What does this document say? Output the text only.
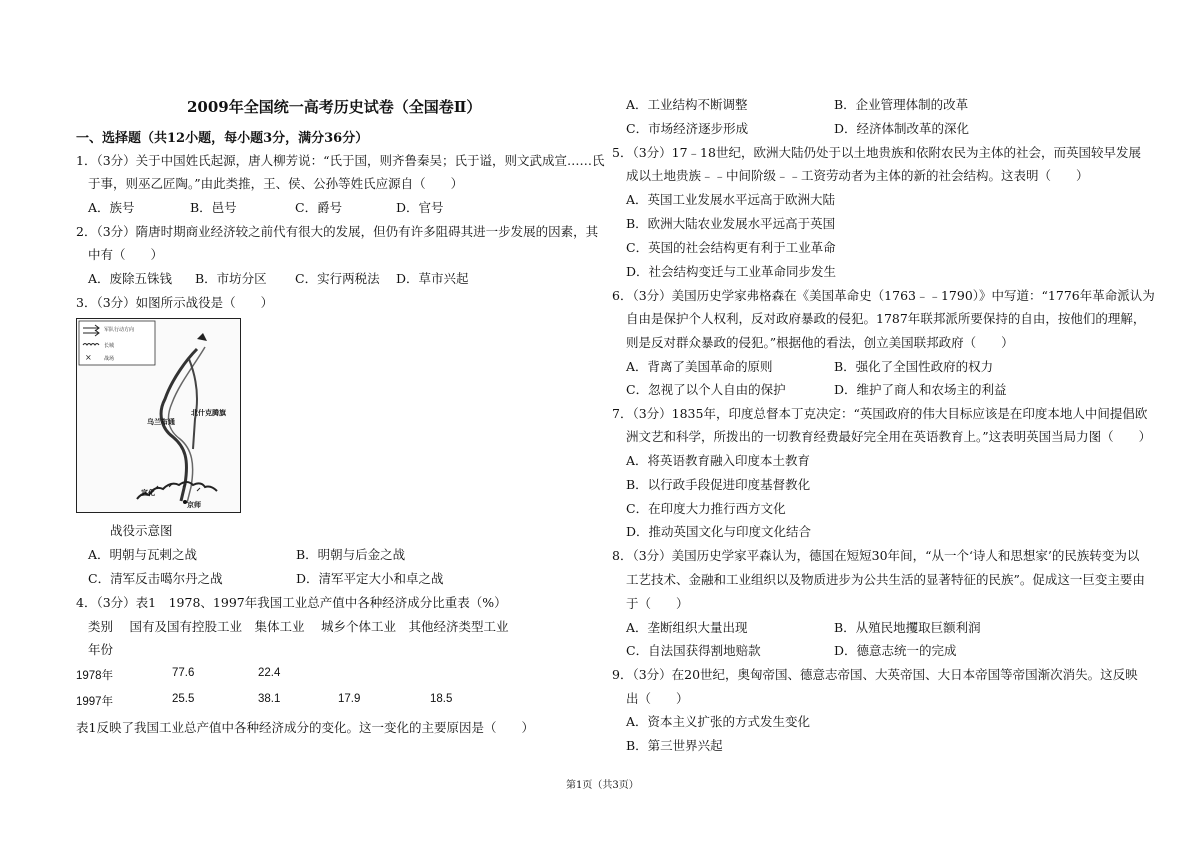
2009年全国统一高考历史试卷（全国卷Ⅱ）
一、选择题（共12小题，每小题3分，满分36分）
1．（3分）关于中国姓氏起源，唐人柳芳说：“氏于国，则齐鲁秦吴；氏于谥，则文武成宣……氏
于事，则巫乙匠陶。”由此类推，王、侯、公孙等姓氏应源自（　　）
A．族号	B．邑号	C．爵号	D．官号
2．（3分）隋唐时期商业经济较之前代有很大的发展，但仍有许多阻碍其进一步发展的因素，其
中有（　　）
A．废除五铢钱 B．市坊分区 C．实行两税法 D．草市兴起
3．（3分）如图所示战役是（　　）
×
军队行动方向
长城
战场
乌兰布通
北什克腾旗
宣化
京师
战役示意图
A．明朝与瓦剌之战	B．明朝与后金之战
C．清军反击噶尔丹之战	D．清军平定大小和卓之战
4．（3分）表1　1978、1997年我国工业总产值中各种经济成分比重表（%）
类别　 国有及国有控股工业　集体工业　 城乡个体工业　其他经济类型工业
年份
1978年	77.6	22.4
1997年	25.5	38.1	17.9	18.5
表1反映了我国工业总产值中各种经济成分的变化。这一变化的主要原因是（　　）
A．工业结构不断调整	B．企业管理体制的改革
C．市场经济逐步形成	D．经济体制改革的深化
5．（3分）17﹣18世纪，欧洲大陆仍处于以土地贵族和依附农民为主体的社会，而英国较早发展
成以土地贵族﹣﹣中间阶级﹣﹣工资劳动者为主体的新的社会结构。这表明（　　）
A．英国工业发展水平远高于欧洲大陆
B．欧洲大陆农业发展水平远高于英国
C．英国的社会结构更有利于工业革命
D．社会结构变迁与工业革命同步发生
6．（3分）美国历史学家弗格森在《美国革命史（1763﹣﹣1790）》中写道：“1776年革命派认为
自由是保护个人权利，反对政府暴政的侵犯。1787年联邦派所要保持的自由，按他们的理解，
则是反对群众暴政的侵犯。”根据他的看法，创立美国联邦政府（　　）
A．背离了美国革命的原则	B．强化了全国性政府的权力
C．忽视了以个人自由的保护	D．维护了商人和农场主的利益
7．（3分）1835年，印度总督本丁克决定：“英国政府的伟大目标应该是在印度本地人中间提倡欧
洲文艺和科学，所拨出的一切教育经费最好完全用在英语教育上。”这表明英国当局力图（　　）
A．将英语教育融入印度本土教育
B．以行政手段促进印度基督教化
C．在印度大力推行西方文化
D．推动英国文化与印度文化结合
8．（3分）美国历史学家平森认为，德国在短短30年间，“从一个‘诗人和思想家’的民族转变为以
工艺技术、金融和工业组织以及物质进步为公共生活的显著特征的民族”。促成这一巨变主要由
于（　　）
A．垄断组织大量出现	B．从殖民地攫取巨额利润
C．自法国获得割地赔款	D．德意志统一的完成
9．（3分）在20世纪，奥匈帝国、德意志帝国、大英帝国、大日本帝国等帝国渐次消失。这反映
出（　　）
A．资本主义扩张的方式发生变化
B．第三世界兴起
第1页（共3页）
